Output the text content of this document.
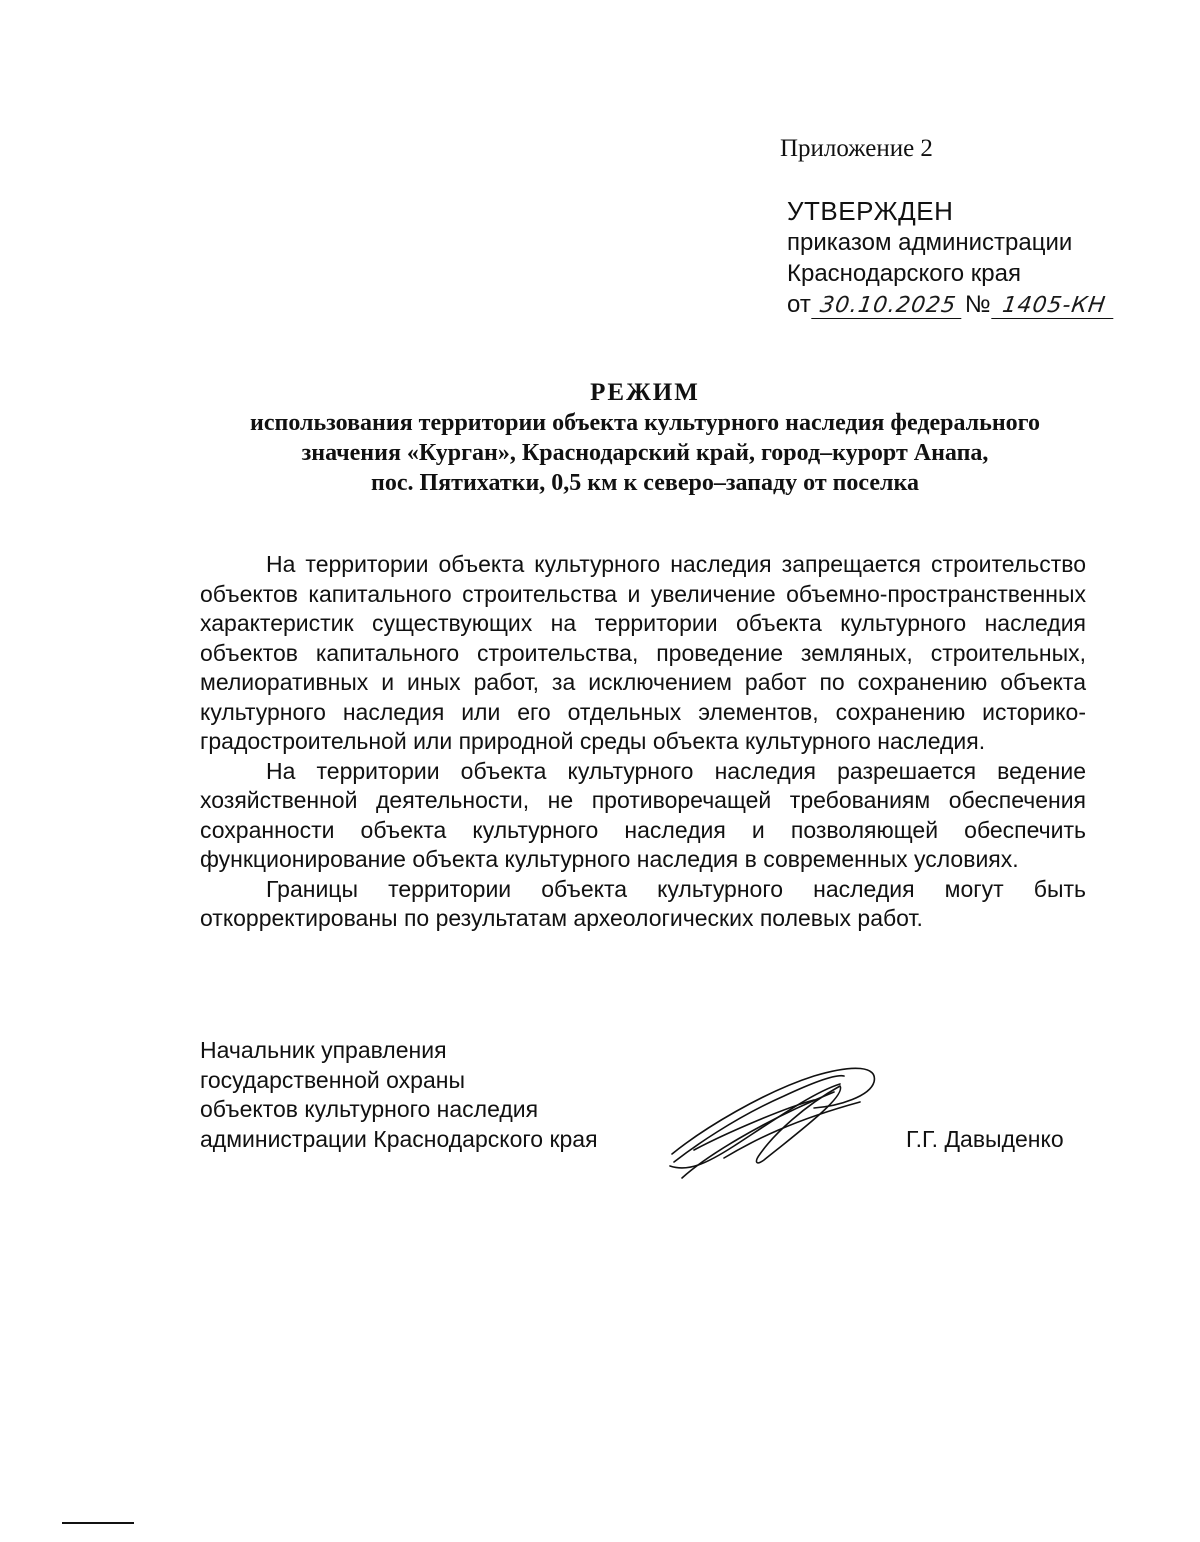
Приложение 2
УТВЕРЖДЕН
приказом администрации
Краснодарского края
от 30.10.2025 № 1405-КН
РЕЖИМ
использования территории объекта культурного наследия федерального
значения «Курган», Краснодарский край, город–курорт Анапа,
пос. Пятихатки, 0,5 км к северо–западу от поселка

На территории объекта культурного наследия запрещается строительство объектов капитального строительства и увеличение объемно-пространственных характеристик существующих на территории объекта культурного наследия объектов капитального строительства, проведение земляных, строительных, мелиоративных и иных работ, за исключением работ по сохранению объекта культурного наследия или его отдельных элементов, сохранению историко-градостроительной или природной среды объекта культурного наследия.

На территории объекта культурного наследия разрешается ведение хозяйственной деятельности, не противоречащей требованиям обеспечения сохранности объекта культурного наследия и позволяющей обеспечить функционирование объекта культурного наследия в современных условиях.

Границы территории объекта культурного наследия могут быть откорректированы по результатам археологических полевых работ.

Начальник управления
государственной охраны
объектов культурного наследия
администрации Краснодарского края	Г.Г. Давыденко
